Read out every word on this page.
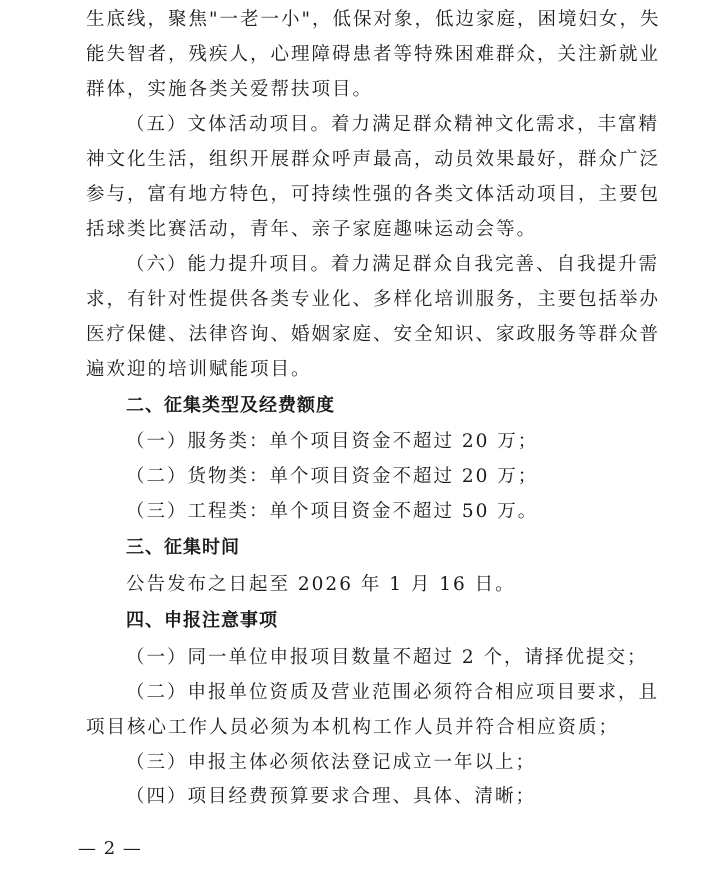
生底线，聚焦"一老一小"，低保对象，低边家庭，困境妇女，失
能失智者，残疾人，心理障碍患者等特殊困难群众，关注新就业
群体，实施各类关爱帮扶项目。
（五）文体活动项目。着力满足群众精神文化需求，丰富精
神文化生活，组织开展群众呼声最高，动员效果最好，群众广泛
参与，富有地方特色，可持续性强的各类文体活动项目，主要包
括球类比赛活动，青年、亲子家庭趣味运动会等。
（六）能力提升项目。着力满足群众自我完善、自我提升需
求，有针对性提供各类专业化、多样化培训服务，主要包括举办
医疗保健、法律咨询、婚姻家庭、安全知识、家政服务等群众普
遍欢迎的培训赋能项目。
二、征集类型及经费额度
（一）服务类：单个项目资金不超过 20 万；
（二）货物类：单个项目资金不超过 20 万；
（三）工程类：单个项目资金不超过 50 万。
三、征集时间
公告发布之日起至 2026 年 1 月 16 日。
四、申报注意事项
（一）同一单位申报项目数量不超过 2 个，请择优提交；
（二）申报单位资质及营业范围必须符合相应项目要求，且
项目核心工作人员必须为本机构工作人员并符合相应资质；
（三）申报主体必须依法登记成立一年以上；
— 2 —
（四）项目经费预算要求合理、具体、清晰；
